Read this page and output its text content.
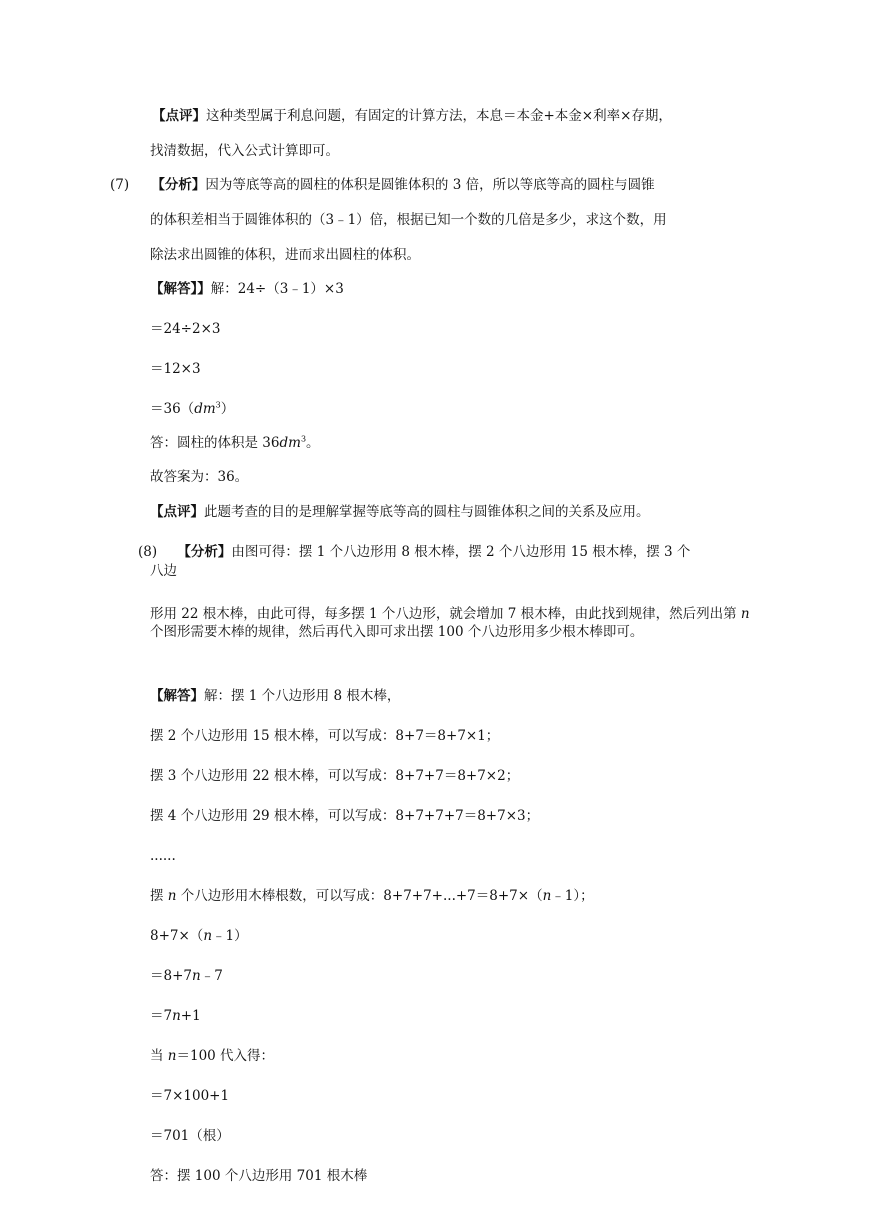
【点评】这种类型属于利息问题，有固定的计算方法，本息＝本金+本金×利率×存期，
找清数据，代入公式计算即可。
(7) 【分析】因为等底等高的圆柱的体积是圆锥体积的 3 倍，所以等底等高的圆柱与圆锥
的体积差相当于圆锥体积的（3﹣1）倍，根据已知一个数的几倍是多少，求这个数，用
除法求出圆锥的体积，进而求出圆柱的体积。
【解答】】解：24÷（3﹣1）×3
＝24÷2×3
＝12×3
$=36(dm^3)$
答：圆柱的体积是 $36dm^3$。
故答案为：36。
【点评】此题考查的目的是理解掌握等底等高的圆柱与圆锥体积之间的关系及应用。
(8) 【分析】由图可得：摆 1 个八边形用 8 根木棒，摆 2 个八边形用 15 根木棒，摆 3 个
八边
形用 22 根木棒，由此可得，每多摆 1 个八边形，就会增加 7 根木棒，由此找到规律，然后列出第 n 个图形需要木棒的规律，然后再代入即可求出摆 100 个八边形用多少根木棒即可。
【解答】解：摆 1 个八边形用 8 根木棒，
摆 2 个八边形用 15 根木棒，可以写成：8+7＝8+7×1；
摆 3 个八边形用 22 根木棒，可以写成：8+7+7＝8+7×2；
摆 4 个八边形用 29 根木棒，可以写成：8+7+7+7＝8+7×3；
......
摆 n 个八边形用木棒根数，可以写成：8+7+7+...+7＝8+7×（n﹣1）；
8+7×（n﹣1）
＝8+7n﹣7
＝7n+1
当 n＝100 代入得：
＝7×100+1
＝701（根）
答：摆 100 个八边形用 701 根木棒
